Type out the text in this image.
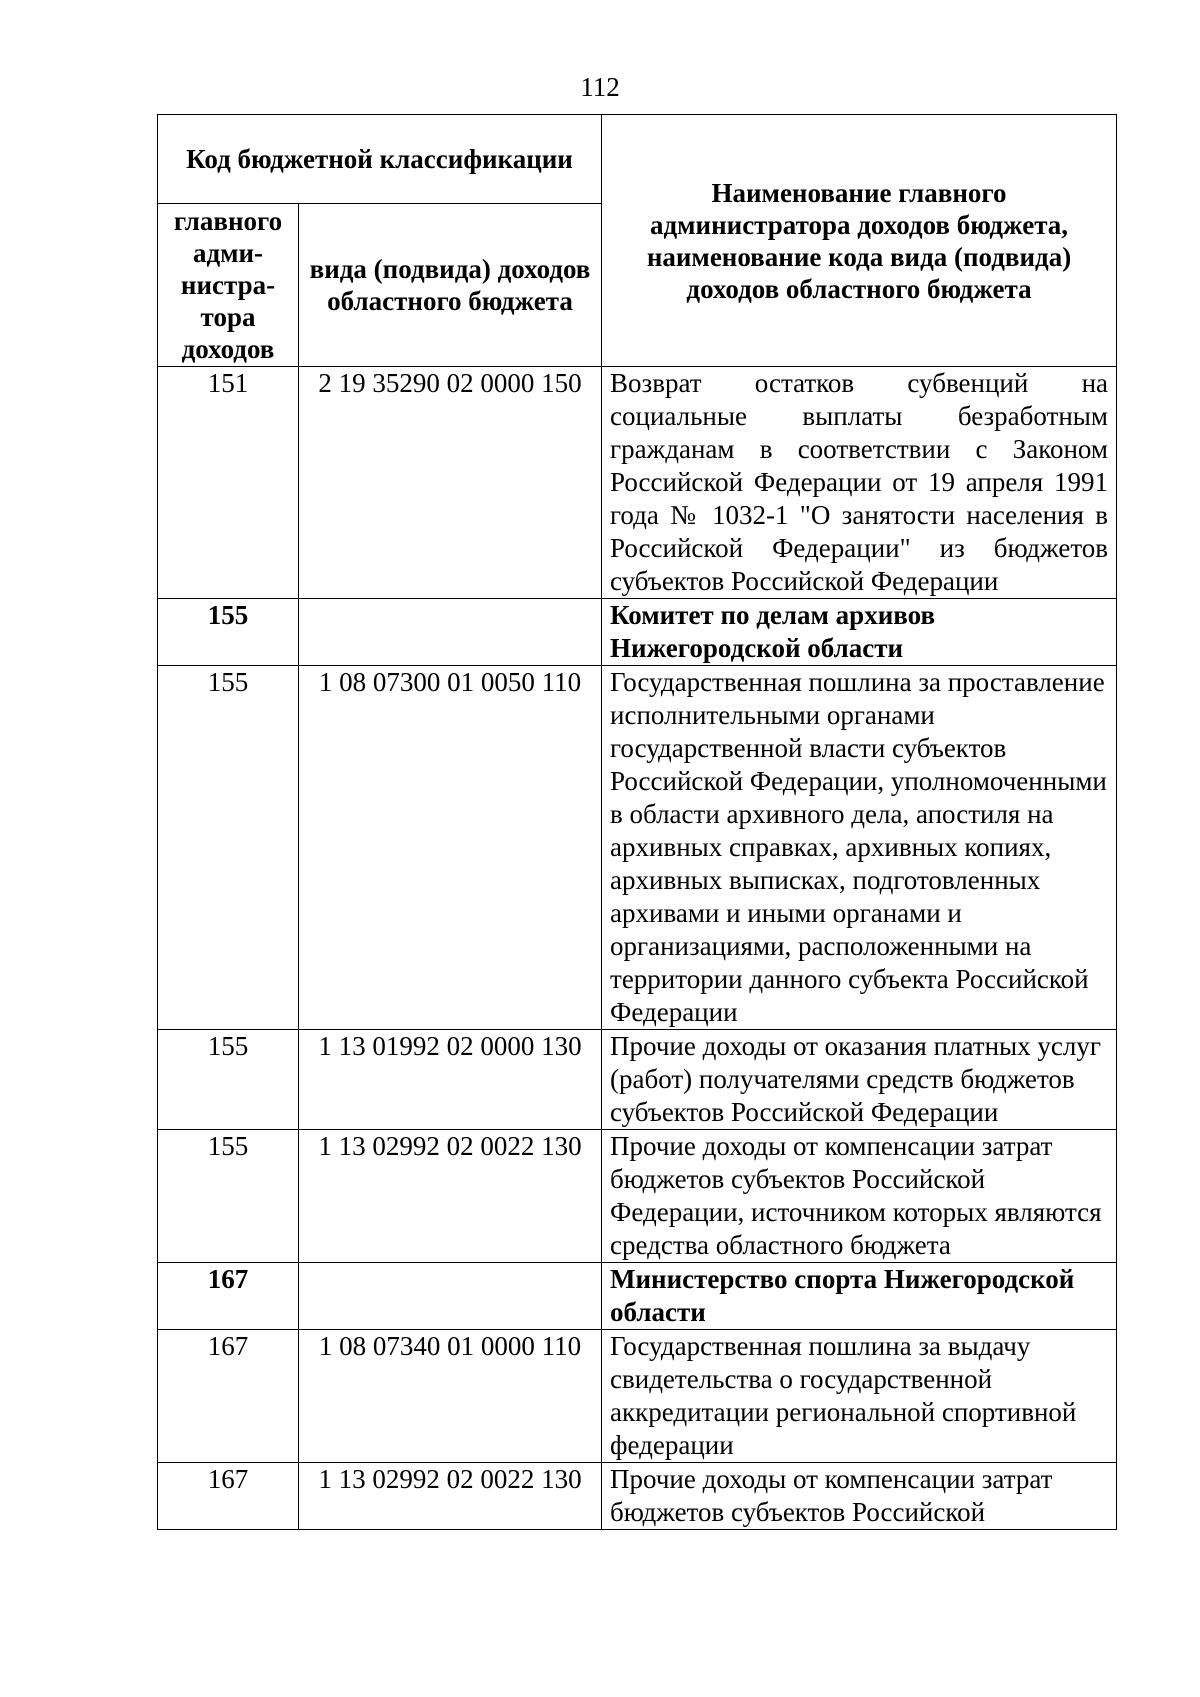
112
Код бюджетной классификации		Наименование главного администратора доходов бюджета, наименование кода вида (подвида) доходов областного бюджета
главного адми-нистра-тора доходов	вида (подвида) доходов областного бюджета	
151	2 19 35290 02 0000 150	Возврат остатков субвенций на социальные выплаты безработным гражданам в соответствии с Законом Российской Федерации от 19 апреля 1991 года № 1032-1 "О занятости населения в Российской Федерации" из бюджетов субъектов Российской Федерации
155		Комитет по делам архивов Нижегородской области
155	1 08 07300 01 0050 110	Государственная пошлина за проставление исполнительными органами государственной власти субъектов Российской Федерации, уполномоченными в области архивного дела, апостиля на архивных справках, архивных копиях, архивных выписках, подготовленных архивами и иными органами и организациями, расположенными на территории данного субъекта Российской Федерации
155	1 13 01992 02 0000 130	Прочие доходы от оказания платных услуг (работ) получателями средств бюджетов субъектов Российской Федерации
155	1 13 02992 02 0022 130	Прочие доходы от компенсации затрат бюджетов субъектов Российской Федерации, источником которых являются средства областного бюджета
167		Министерство спорта Нижегородской области
167	1 08 07340 01 0000 110	Государственная пошлина за выдачу свидетельства о государственной аккредитации региональной спортивной федерации
167	1 13 02992 02 0022 130	Прочие доходы от компенсации затрат бюджетов субъектов Российской
